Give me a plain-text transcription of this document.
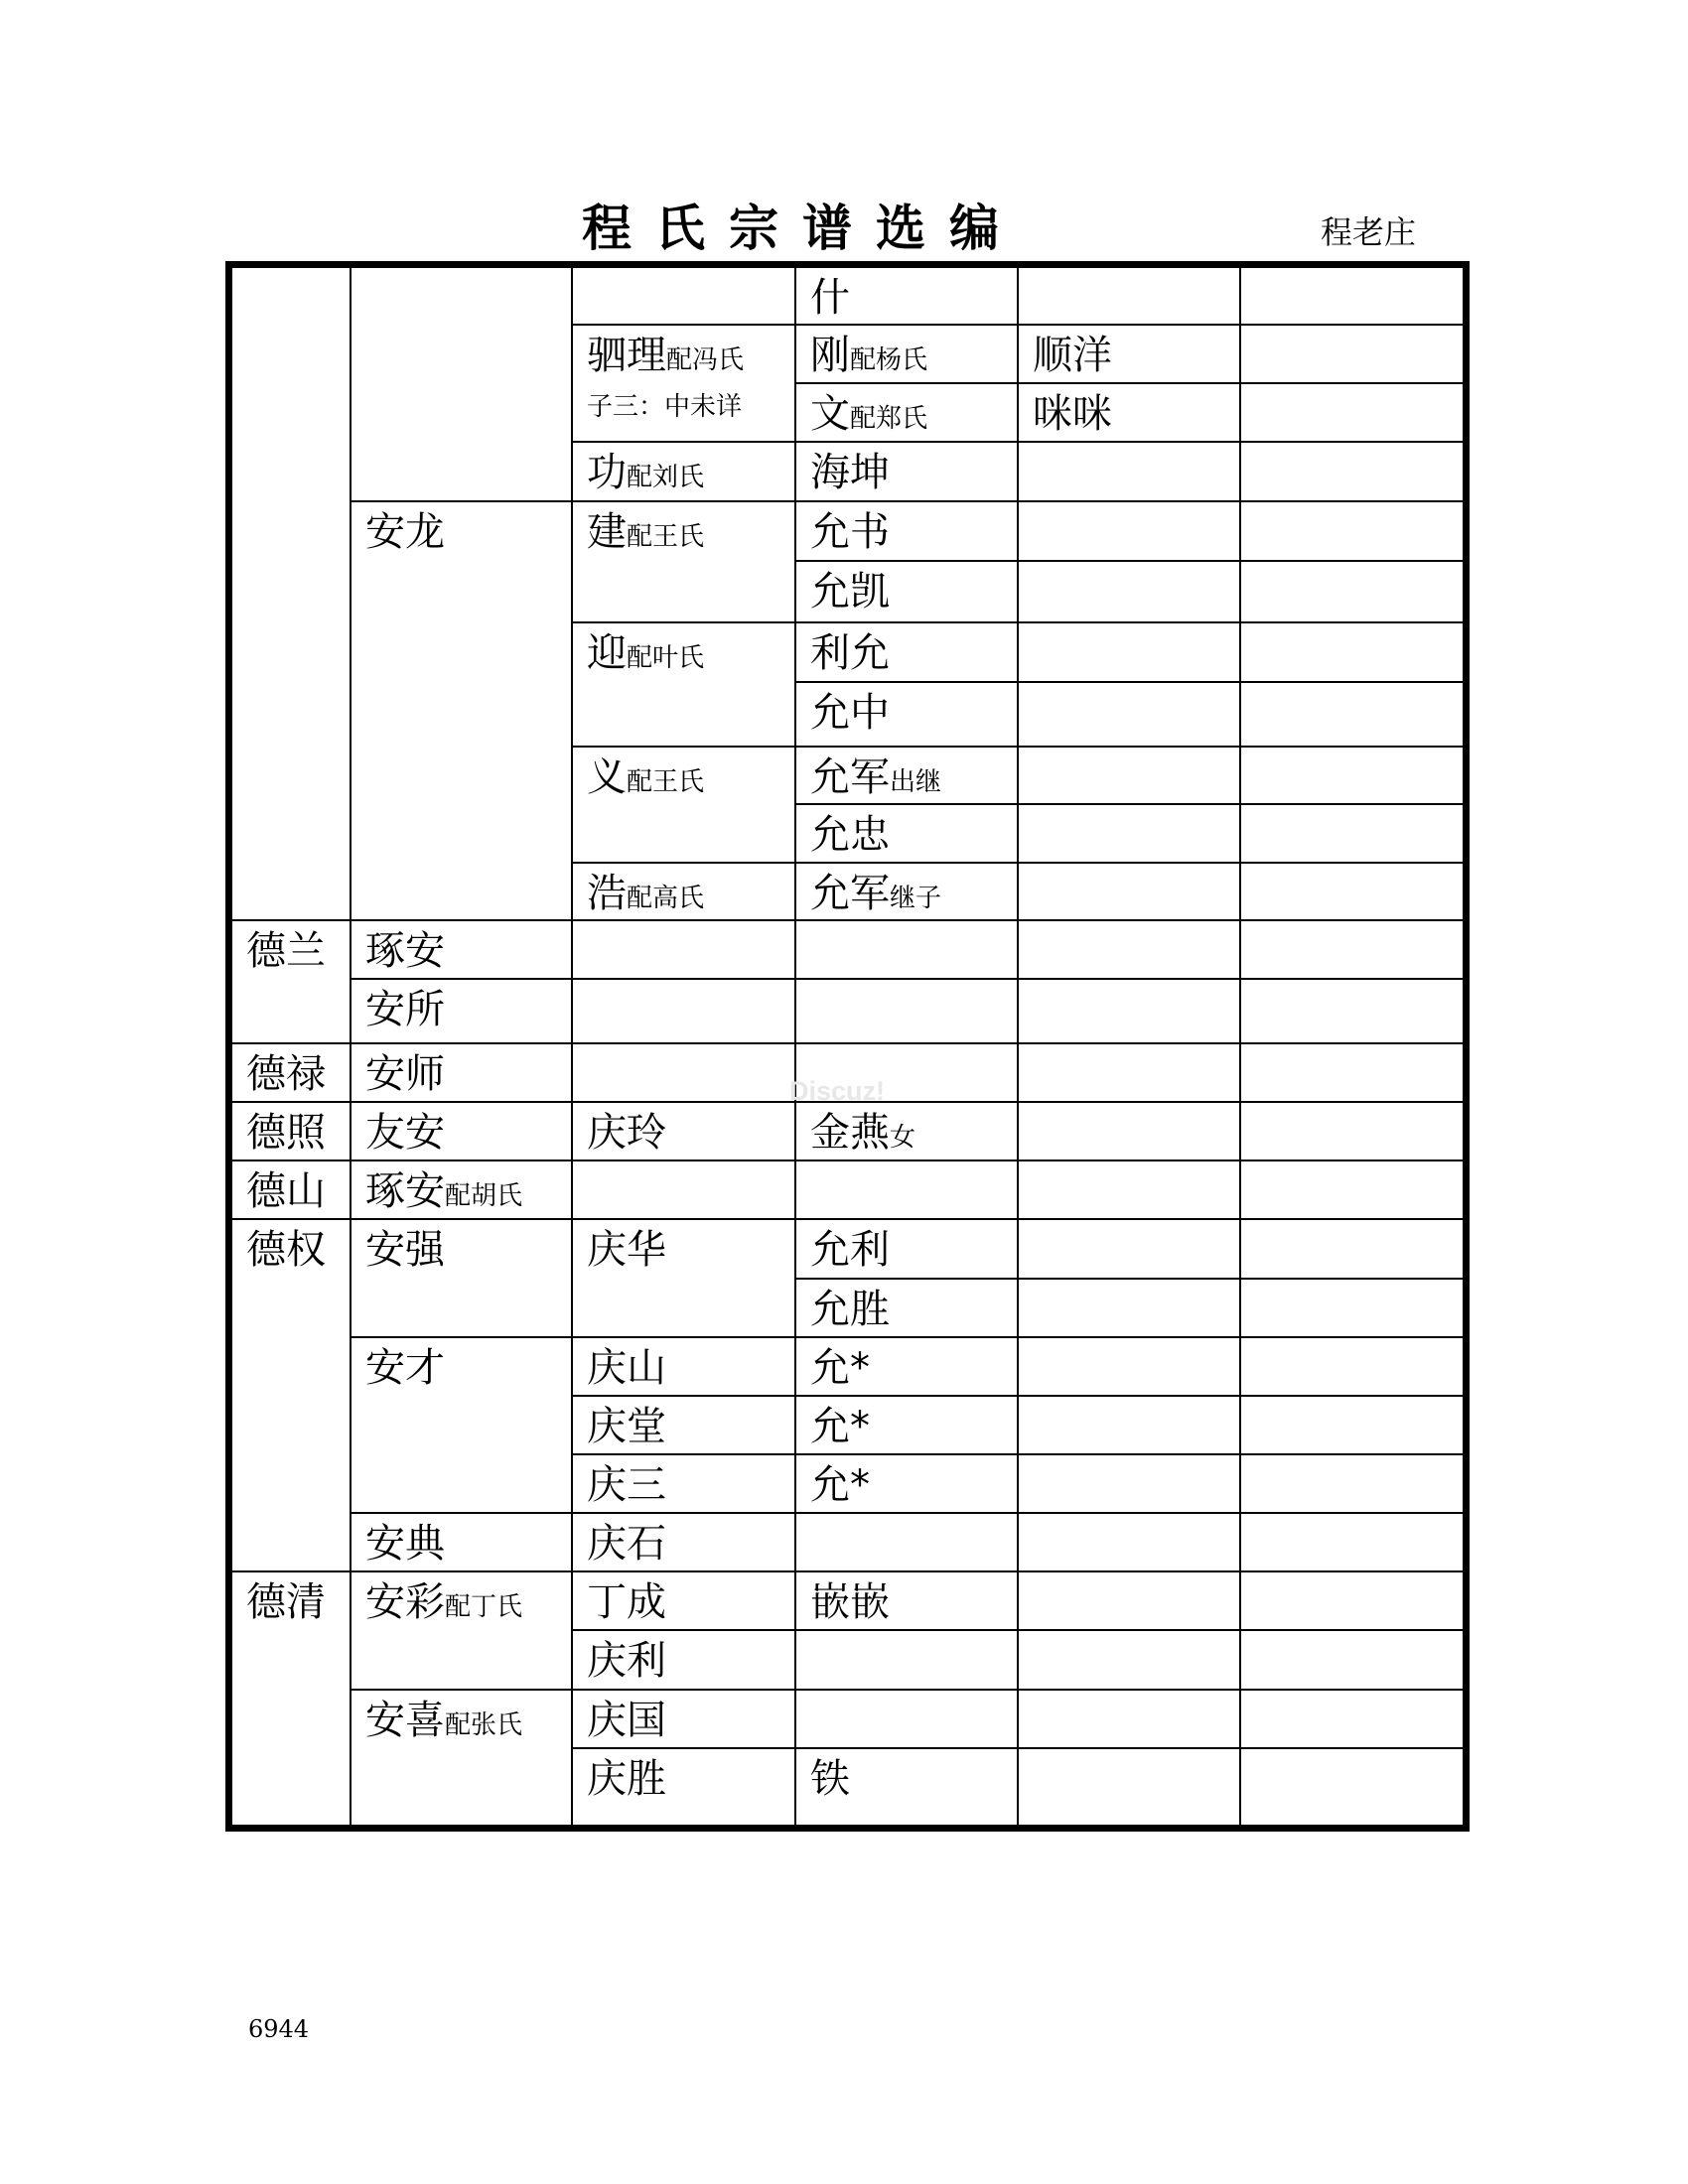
程氏宗谱选编	程老庄
什
驷理配冯氏
子三：中未详
刚配杨氏	顺洋
文配郑氏	咪咪
功配刘氏	海坤
安龙	建配王氏	允书
允凯
迎配叶氏	利允
允中
义配王氏	允军出继
允忠
浩配高氏	允军继子
德兰	琢安
安所
德禄	安师
德照	友安	庆玲	金燕女
德山	琢安配胡氏
德权	安强	庆华	允利
允胜
安才	庆山	允*
庆堂	允*
庆三	允*
安典	庆石
德清	安彩配丁氏	丁成	嵌嵌
庆利
安喜配张氏	庆国
庆胜	铁
Discuz!
6944
